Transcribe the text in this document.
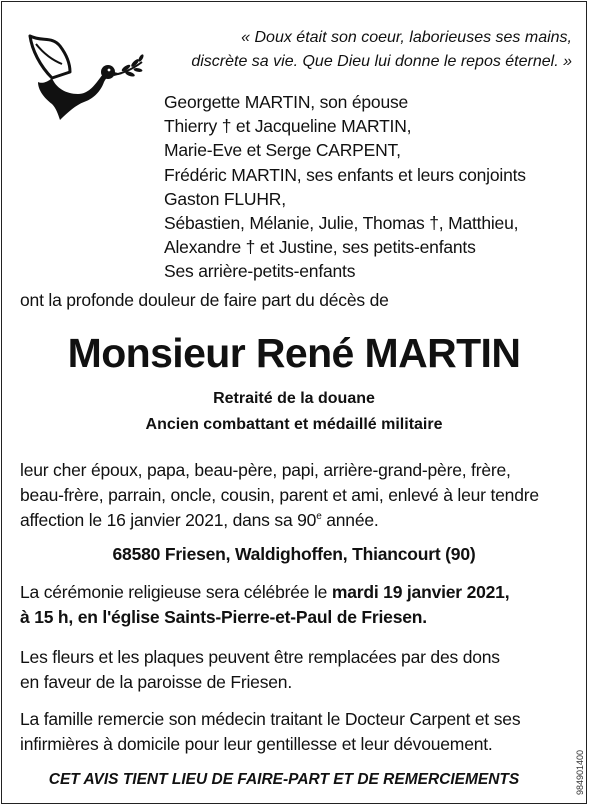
« Doux était son coeur, laborieuses ses mains,
discrète sa vie. Que Dieu lui donne le repos éternel. »
Georgette MARTIN, son épouse
Thierry † et Jacqueline MARTIN,
Marie-Eve et Serge CARPENT,
Frédéric MARTIN, ses enfants et leurs conjoints
Gaston FLUHR,
Sébastien, Mélanie, Julie, Thomas †, Matthieu,
Alexandre † et Justine, ses petits-enfants
Ses arrière-petits-enfants
ont la profonde douleur de faire part du décès de
Monsieur René MARTIN
Retraité de la douane
Ancien combattant et médaillé militaire
leur cher époux, papa, beau-père, papi, arrière-grand-père, frère,
beau-frère, parrain, oncle, cousin, parent et ami, enlevé à leur tendre
affection le 16 janvier 2021, dans sa 90e année.
68580 Friesen, Waldighoffen, Thiancourt (90)
La cérémonie religieuse sera célébrée le mardi 19 janvier 2021,
à 15 h, en l'église Saints-Pierre-et-Paul de Friesen.
Les fleurs et les plaques peuvent être remplacées par des dons
en faveur de la paroisse de Friesen.
La famille remercie son médecin traitant le Docteur Carpent et ses
infirmières à domicile pour leur gentillesse et leur dévouement.
CET AVIS TIENT LIEU DE FAIRE-PART ET DE REMERCIEMENTS	984901400
